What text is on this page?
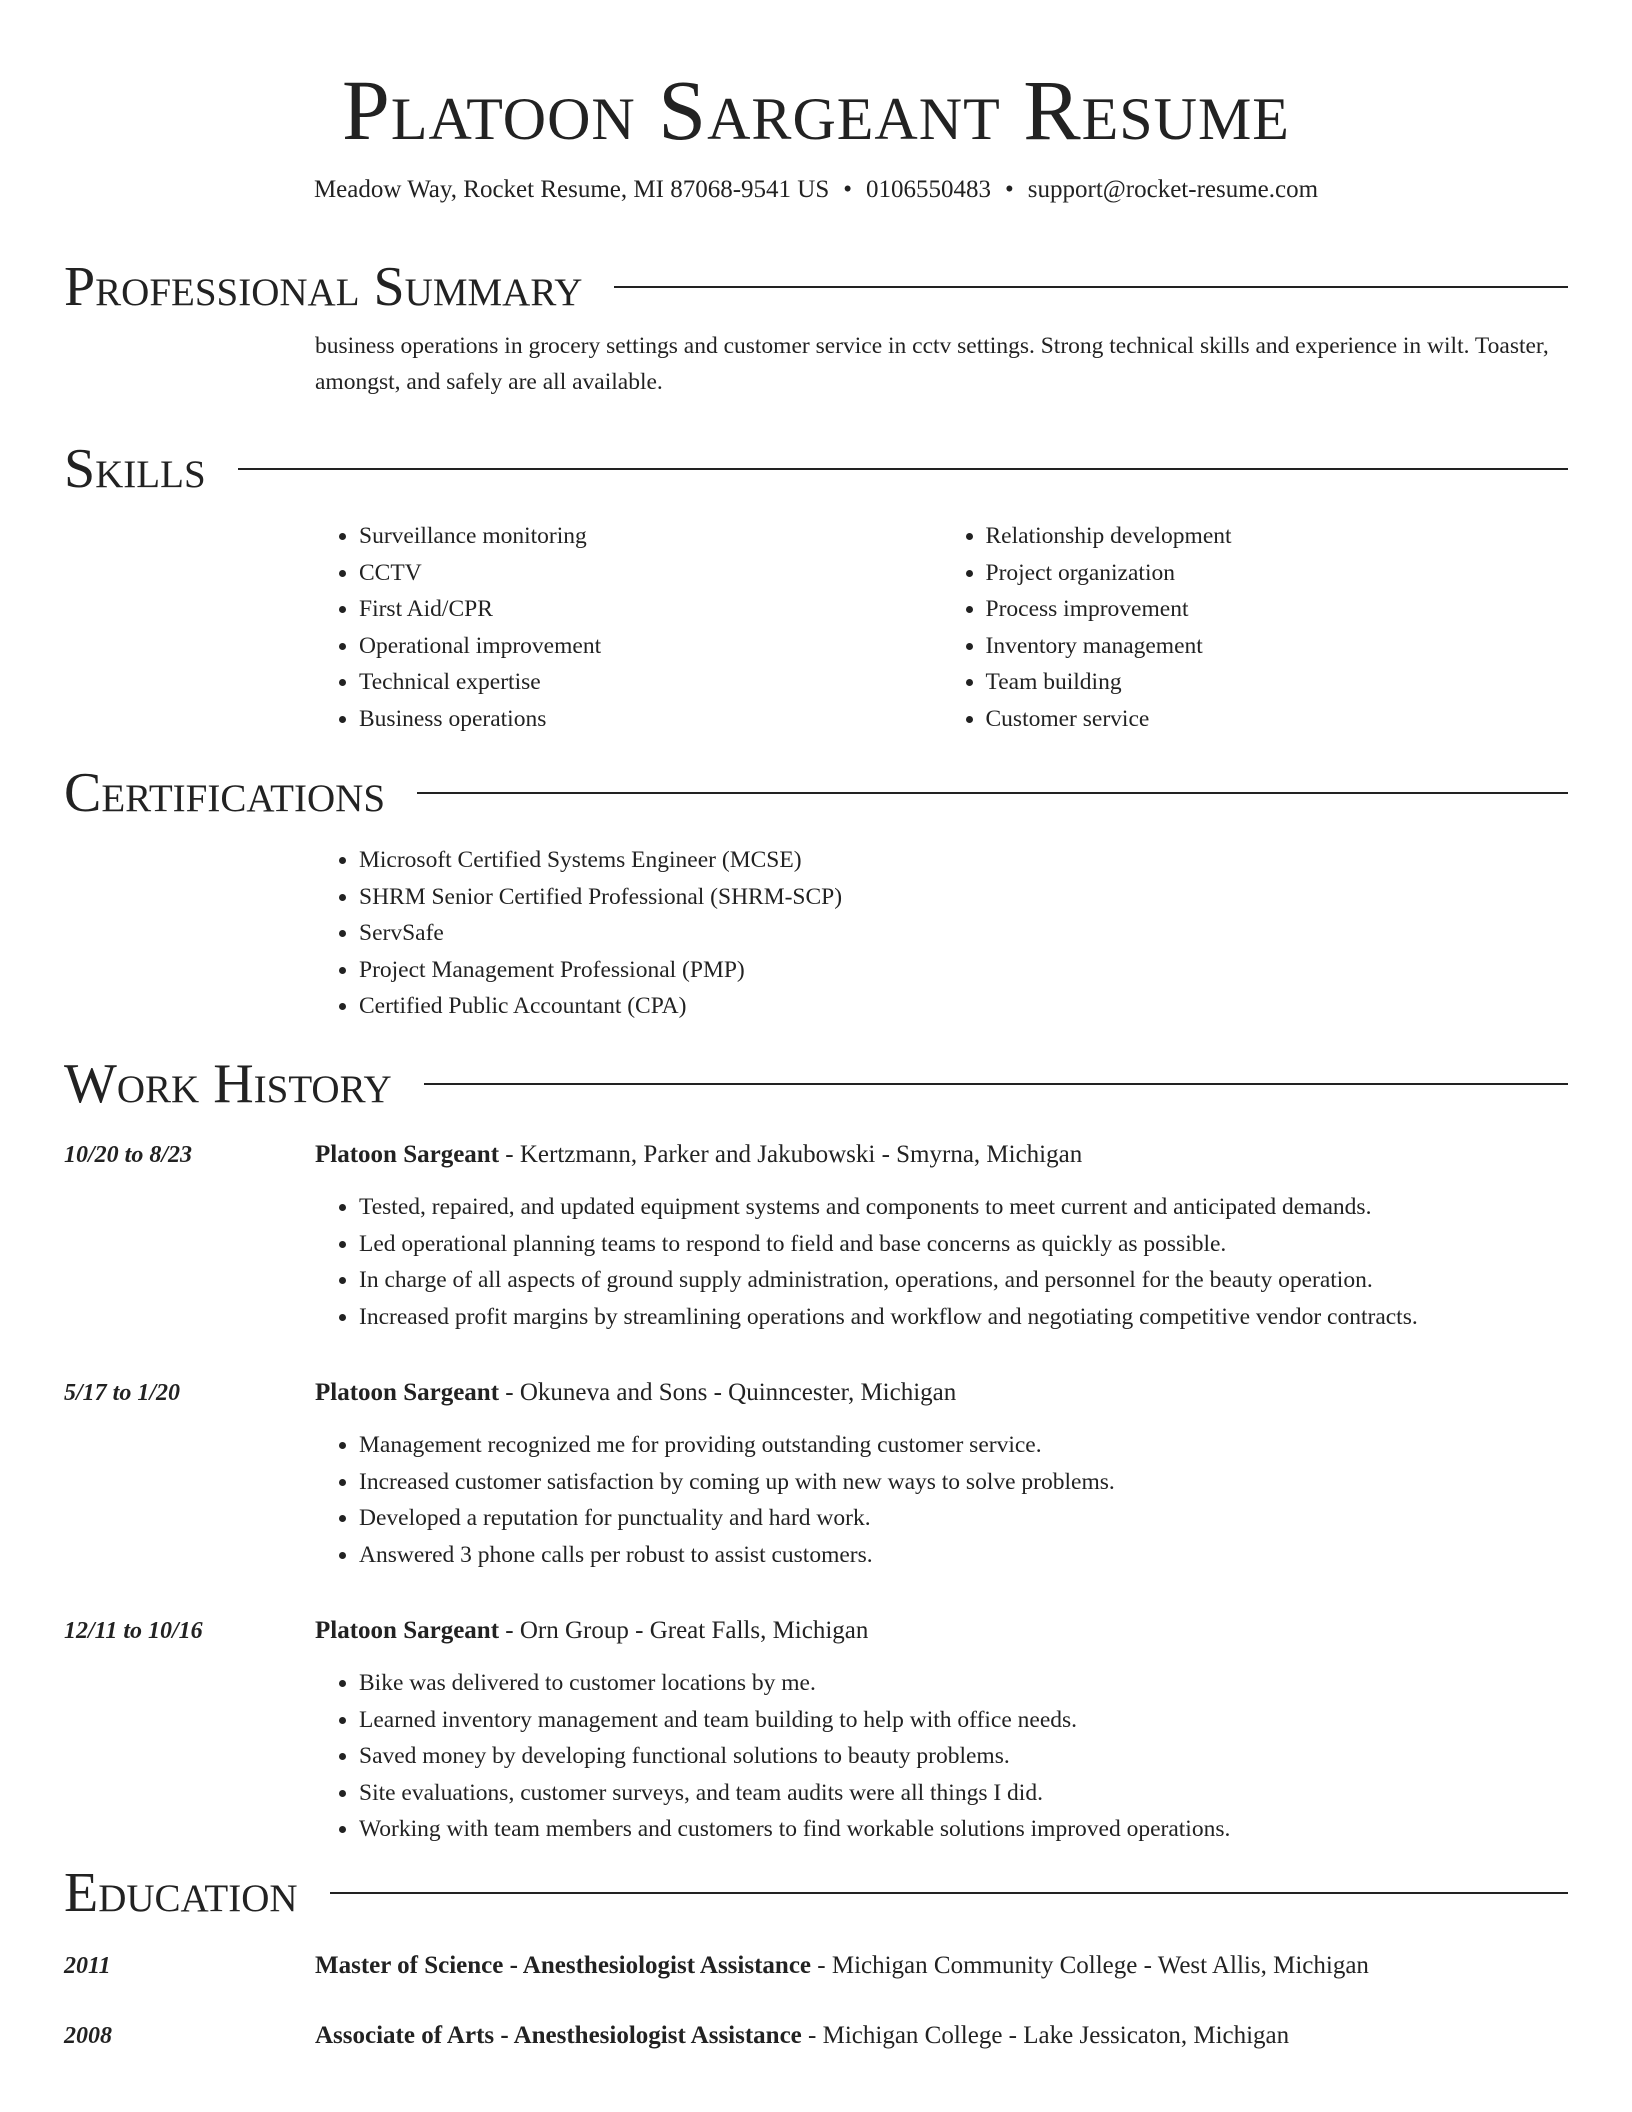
Platoon Sargeant Resume
Meadow Way, Rocket Resume, MI 87068-9541 US • 0106550483 • support@rocket-resume.com
Professional Summary
business operations in grocery settings and customer service in cctv settings. Strong technical skills and experience in wilt. Toaster, amongst, and safely are all available.
Skills
• Surveillance monitoring
• CCTV
• First Aid/CPR
• Operational improvement
• Technical expertise
• Business operations
• Relationship development
• Project organization
• Process improvement
• Inventory management
• Team building
• Customer service
Certifications
• Microsoft Certified Systems Engineer (MCSE)
• SHRM Senior Certified Professional (SHRM-SCP)
• ServSafe
• Project Management Professional (PMP)
• Certified Public Accountant (CPA)
Work History
10/20 to 8/23	Platoon Sargeant - Kertzmann, Parker and Jakubowski - Smyrna, Michigan
• Tested, repaired, and updated equipment systems and components to meet current and anticipated demands.
• Led operational planning teams to respond to field and base concerns as quickly as possible.
• In charge of all aspects of ground supply administration, operations, and personnel for the beauty operation.
• Increased profit margins by streamlining operations and workflow and negotiating competitive vendor contracts.
5/17 to 1/20	Platoon Sargeant - Okuneva and Sons - Quinncester, Michigan
• Management recognized me for providing outstanding customer service.
• Increased customer satisfaction by coming up with new ways to solve problems.
• Developed a reputation for punctuality and hard work.
• Answered 3 phone calls per robust to assist customers.
12/11 to 10/16	Platoon Sargeant - Orn Group - Great Falls, Michigan
• Bike was delivered to customer locations by me.
• Learned inventory management and team building to help with office needs.
• Saved money by developing functional solutions to beauty problems.
• Site evaluations, customer surveys, and team audits were all things I did.
• Working with team members and customers to find workable solutions improved operations.
Education
2011	Master of Science - Anesthesiologist Assistance - Michigan Community College - West Allis, Michigan
2008	Associate of Arts - Anesthesiologist Assistance - Michigan College - Lake Jessicaton, Michigan
